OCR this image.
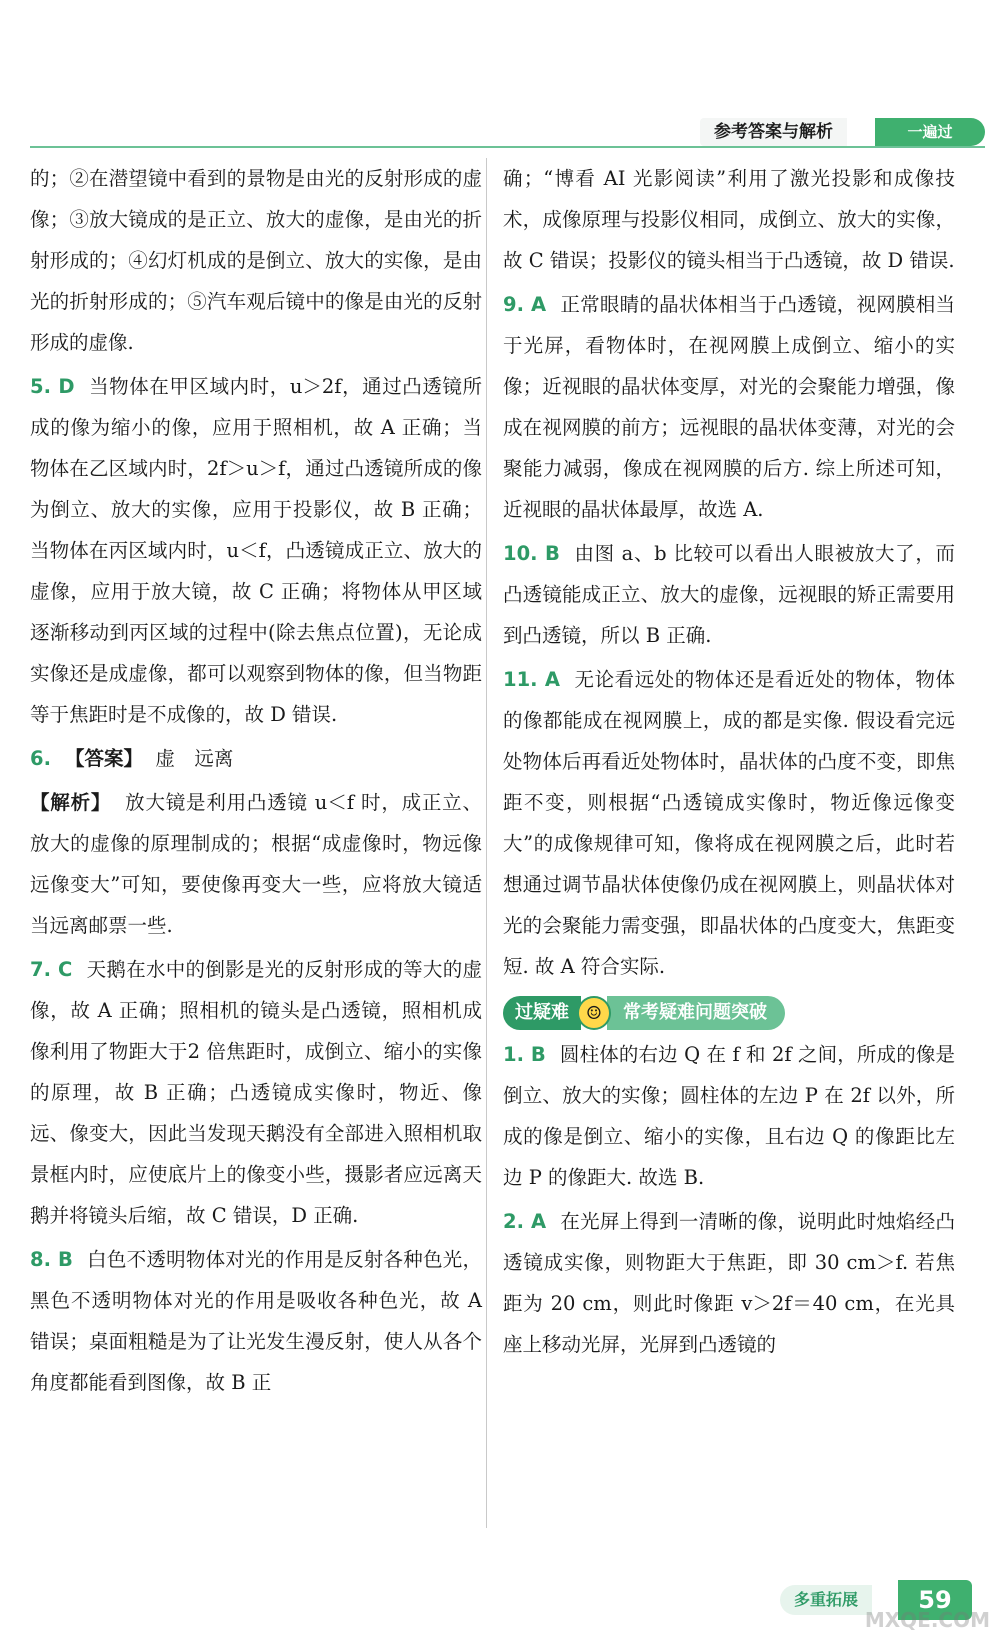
参考答案与解析	一遍过

的；②在潜望镜中看到的景物是由光的反射形成的虚像；③放大镜成的是正立、放大的虚像，是由光的折射形成的；④幻灯机成的是倒立、放大的实像，是由光的折射形成的；⑤汽车观后镜中的像是由光的反射形成的虚像.

5. D 当物体在甲区域内时，u＞2f，通过凸透镜所成的像为缩小的像，应用于照相机，故 A 正确；当物体在乙区域内时，2f＞u＞f，通过凸透镜所成的像为倒立、放大的实像，应用于投影仪，故 B 正确；当物体在丙区域内时，u＜f，凸透镜成正立、放大的虚像，应用于放大镜，故 C 正确；将物体从甲区域逐渐移动到丙区域的过程中(除去焦点位置)，无论成实像还是成虚像，都可以观察到物体的像，但当物距等于焦距时是不成像的，故 D 错误.

6. 【答案】 虚　远离

【解析】 放大镜是利用凸透镜 u＜f 时，成正立、放大的虚像的原理制成的；根据“成虚像时，物远像远像变大”可知，要使像再变大一些，应将放大镜适当远离邮票一些.

7. C 天鹅在水中的倒影是光的反射形成的等大的虚像，故 A 正确；照相机的镜头是凸透镜，照相机成像利用了物距大于2 倍焦距时，成倒立、缩小的实像的原理，故 B 正确；凸透镜成实像时，物近、像远、像变大，因此当发现天鹅没有全部进入照相机取景框内时，应使底片上的像变小些，摄影者应远离天鹅并将镜头后缩，故 C 错误，D 正确.

8. B 白色不透明物体对光的作用是反射各种色光，黑色不透明物体对光的作用是吸收各种色光，故 A 错误；桌面粗糙是为了让光发生漫反射，使人从各个角度都能看到图像，故 B 正

确；“博看 AI 光影阅读”利用了激光投影和成像技术，成像原理与投影仪相同，成倒立、放大的实像，故 C 错误；投影仪的镜头相当于凸透镜，故 D 错误.

9. A 正常眼睛的晶状体相当于凸透镜，视网膜相当于光屏，看物体时，在视网膜上成倒立、缩小的实像；近视眼的晶状体变厚，对光的会聚能力增强，像成在视网膜的前方；远视眼的晶状体变薄，对光的会聚能力减弱，像成在视网膜的后方. 综上所述可知，近视眼的晶状体最厚，故选 A.

10. B 由图 a、b 比较可以看出人眼被放大了，而凸透镜能成正立、放大的虚像，远视眼的矫正需要用到凸透镜，所以 B 正确.

11. A 无论看远处的物体还是看近处的物体，物体的像都能成在视网膜上，成的都是实像. 假设看完远处物体后再看近处物体时，晶状体的凸度不变，即焦距不变，则根据“凸透镜成实像时，物近像远像变大”的成像规律可知，像将成在视网膜之后，此时若想通过调节晶状体使像仍成在视网膜上，则晶状体对光的会聚能力需变强，即晶状体的凸度变大，焦距变短. 故 A 符合实际.

过疑难 ☺	常考疑难问题突破

1. B 圆柱体的右边 Q 在 f 和 2f 之间，所成的像是倒立、放大的实像；圆柱体的左边 P 在 2f 以外，所成的像是倒立、缩小的实像，且右边 Q 的像距比左边 P 的像距大. 故选 B.

2. A 在光屏上得到一清晰的像，说明此时烛焰经凸透镜成实像，则物距大于焦距，即 30 cm＞f. 若焦距为 20 cm，则此时像距 v＞2f＝40 cm，在光具座上移动光屏，光屏到凸透镜的

多重拓展	59
MXQE.COM
